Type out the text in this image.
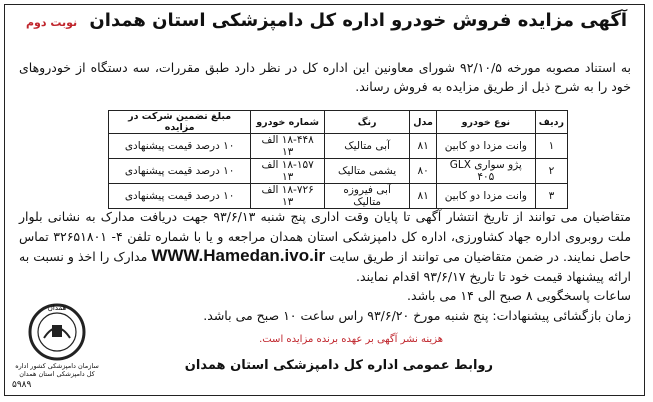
آگهی مزایده فروش خودرو اداره کل دامپزشکی استان همدان نوبت دوم
به استناد مصوبه مورخه ۹۲/۱۰/۵ شورای معاونین این اداره کل در نظر دارد طبق مقررات، سه دستگاه از خودروهای خود را به شرح ذیل از طریق مزایده به فروش رساند.
ردیف	نوع خودرو	مدل	رنگ	شماره خودرو	مبلغ تضمین شرکت در مزایده
۱	وانت مزدا دو کابین	۸۱	آبی متالیک	۱۸-۴۴۸ الف ۱۳	۱۰ درصد قیمت پیشنهادی
۲	پژو سواری GLX ۴۰۵	۸۰	یشمی متالیک	۱۸-۱۵۷ الف ۱۳	۱۰ درصد قیمت پیشنهادی
۳	وانت مزدا دو کابین	۸۱	آبی فیروزه متالیک	۱۸-۷۲۶ الف ۱۳	۱۰ درصد قیمت پیشنهادی
متقاضیان می توانند از تاریخ انتشار آگهی تا پایان وقت اداری پنج شنبه ۹۳/۶/۱۳ جهت دریافت مدارک به نشانی بلوار ملت روبروی اداره جهاد کشاورزی، اداره کل دامپزشکی استان همدان مراجعه و یا با شماره تلفن ۴- ۳۲۶۵۱۸۰۱ تماس حاصل نمایند. در ضمن متقاضیان می توانند از طریق سایت WWW.Hamedan.ivo.ir مدارک را اخذ و نسبت به ارائه پیشنهاد قیمت خود تا تاریخ ۹۳/۶/۱۷ اقدام نمایند.
ساعات پاسخگویی ۸ صبح الی ۱۴ می باشد.
زمان بازگشائی پیشنهادات: پنج شنبه مورخ ۹۳/۶/۲۰ راس ساعت ۱۰ صبح می باشد.
هزینه نشر آگهی بر عهده برنده مزایده است.
روابط عمومی اداره کل دامپزشکی استان همدان
۵۹۸۹
همدان
سازمان دامپزشکی کشور اداره کل دامپزشکی استان همدان
